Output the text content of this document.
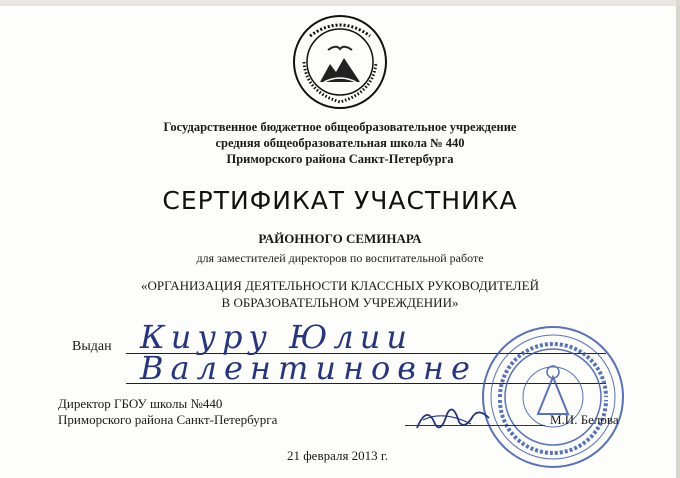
Государственное бюджетное общеобразовательное учреждение
средняя общеобразовательная школа № 440
Приморского района Санкт-Петербурга
СЕРТИФИКАТ УЧАСТНИКА
РАЙОННОГО СЕМИНАРА
для заместителей директоров по воспитательной работе
«ОРГАНИЗАЦИЯ ДЕЯТЕЛЬНОСТИ КЛАССНЫХ РУКОВОДИТЕЛЕЙ
В ОБРАЗОВАТЕЛЬНОМ УЧРЕЖДЕНИИ»
Выдан Киуру Юлии
Валентиновне
Директор ГБОУ школы №440
Приморского района Санкт-Петербурга	М.И. Белова
21 февраля 2013 г.
